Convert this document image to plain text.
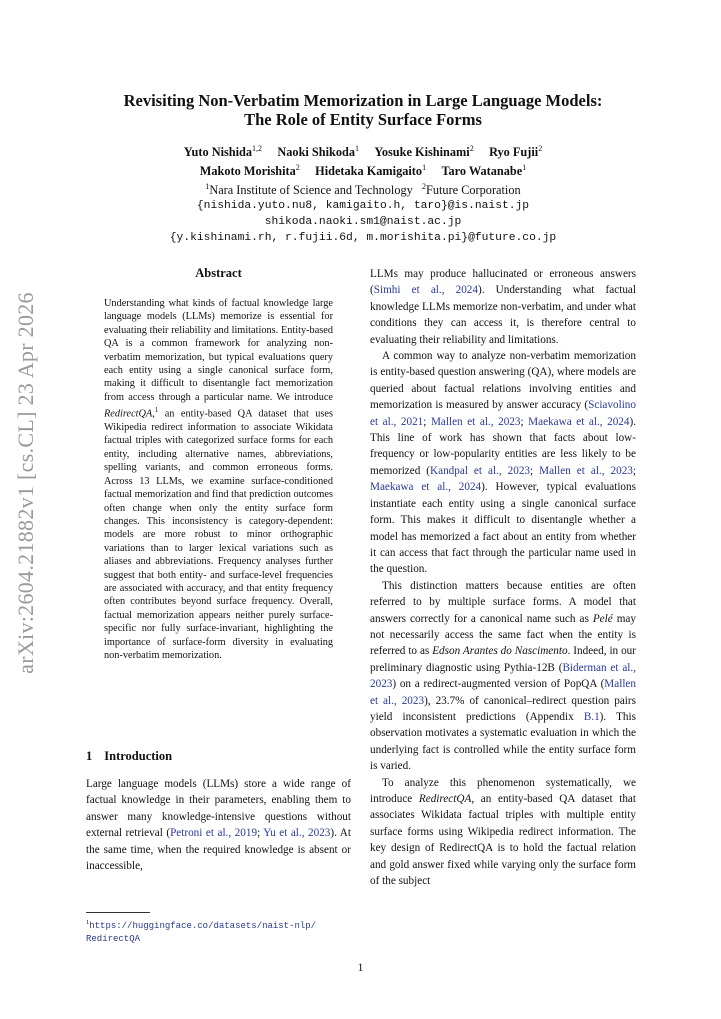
arXiv:2604.21882v1 [cs.CL] 23 Apr 2026
Revisiting Non-Verbatim Memorization in Large Language Models:
The Role of Entity Surface Forms
Yuto Nishida$^{1,2}$ Naoki Shikoda$^1$ Yosuke Kishinami$^2$ Ryo Fujii$^2$
Makoto Morishita$^2$ Hidetaka Kamigaito$^1$ Taro Watanabe$^1$
$^1$Nara Institute of Science and Technology $^2$Future Corporation
{nishida.yuto.nu8, kamigaito.h, taro}@is.naist.jp
shikoda.naoki.sm1@naist.ac.jp
{y.kishinami.rh, r.fujii.6d, m.morishita.pi}@future.co.jp
Abstract

Understanding what kinds of factual knowledge large language models (LLMs) memorize is essential for evaluating their reliability and limitations. Entity-based QA is a common framework for analyzing non-verbatim memorization, but typical evaluations query each entity using a single canonical surface form, making it difficult to disentangle fact memorization from access through a particular name. We introduce RedirectQA,$^1$ an entity-based QA dataset that uses Wikipedia redirect information to associate Wikidata factual triples with categorized surface forms for each entity, including alternative names, abbreviations, spelling variants, and common erroneous forms. Across 13 LLMs, we examine surface-conditioned factual memorization and find that prediction outcomes often change when only the entity surface form changes. This inconsistency is category-dependent: models are more robust to minor orthographic variations than to larger lexical variations such as aliases and abbreviations. Frequency analyses further suggest that both entity- and surface-level frequencies are associated with accuracy, and that entity frequency often contributes beyond surface frequency. Overall, factual memorization appears neither purely surface-specific nor fully surface-invariant, highlighting the importance of surface-form diversity in evaluating non-verbatim memorization.

1 Introduction

Large language models (LLMs) store a wide range of factual knowledge in their parameters, enabling them to answer many knowledge-intensive questions without external retrieval (Petroni et al., 2019; Yu et al., 2023). At the same time, when the required knowledge is absent or inaccessible,

$^1$https://huggingface.co/datasets/naist-nlp/
RedirectQA

LLMs may produce hallucinated or erroneous answers (Simhi et al., 2024). Understanding what factual knowledge LLMs memorize non-verbatim, and under what conditions they can access it, is therefore central to evaluating their reliability and limitations.

A common way to analyze non-verbatim memorization is entity-based question answering (QA), where models are queried about factual relations involving entities and memorization is measured by answer accuracy (Sciavolino et al., 2021; Mallen et al., 2023; Maekawa et al., 2024). This line of work has shown that facts about low-frequency or low-popularity entities are less likely to be memorized (Kandpal et al., 2023; Mallen et al., 2023; Maekawa et al., 2024). However, typical evaluations instantiate each entity using a single canonical surface form. This makes it difficult to disentangle whether a model has memorized a fact about an entity from whether it can access that fact through the particular name used in the question.

This distinction matters because entities are often referred to by multiple surface forms. A model that answers correctly for a canonical name such as Pelé may not necessarily access the same fact when the entity is referred to as Edson Arantes do Nascimento. Indeed, in our preliminary diagnostic using Pythia-12B (Biderman et al., 2023) on a redirect-augmented version of PopQA (Mallen et al., 2023), 23.7% of canonical–redirect question pairs yield inconsistent predictions (Appendix B.1). This observation motivates a systematic evaluation in which the underlying fact is controlled while the entity surface form is varied.

To analyze this phenomenon systematically, we introduce RedirectQA, an entity-based QA dataset that associates Wikidata factual triples with multiple entity surface forms using Wikipedia redirect information. The key design of RedirectQA is to hold the factual relation and gold answer fixed while varying only the surface form of the subject

1
